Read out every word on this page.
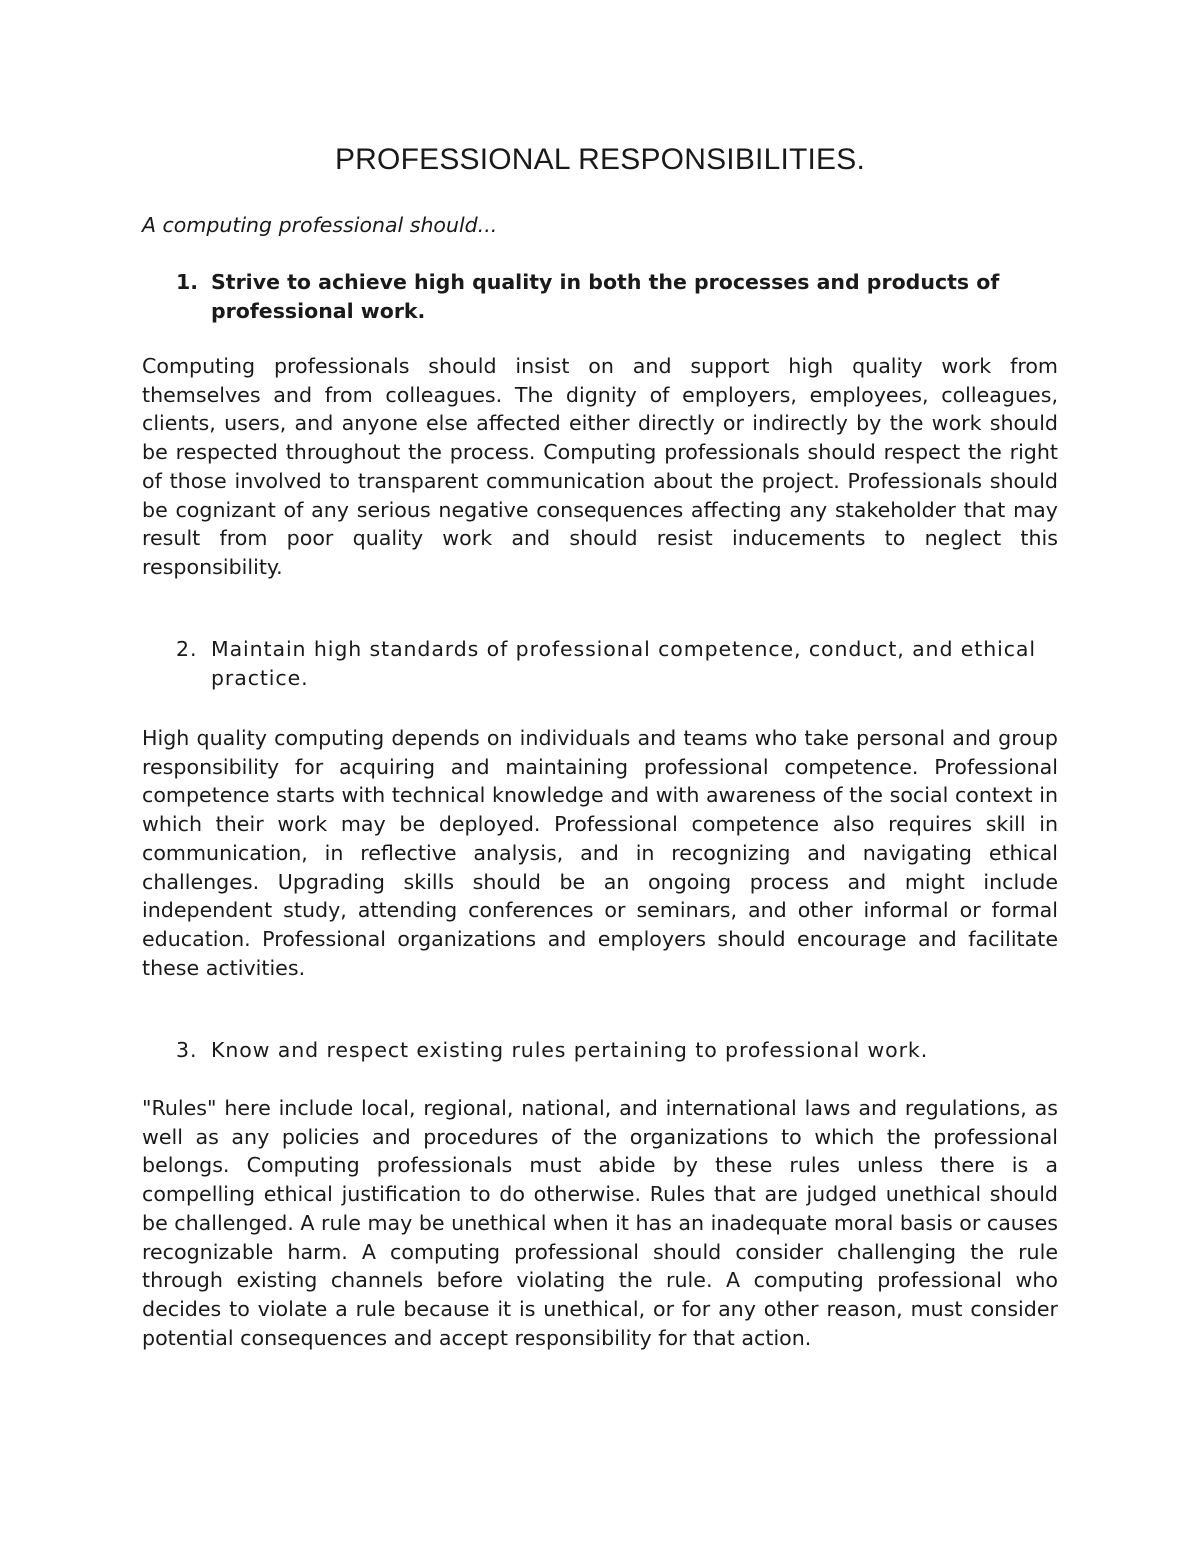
PROFESSIONAL RESPONSIBILITIES.

A computing professional should...

1. Strive to achieve high quality in both the processes and products of professional work.

Computing professionals should insist on and support high quality work from themselves and from colleagues. The dignity of employers, employees, colleagues, clients, users, and anyone else affected either directly or indirectly by the work should be respected throughout the process. Computing professionals should respect the right of those involved to transparent communication about the project. Professionals should be cognizant of any serious negative consequences affecting any stakeholder that may result from poor quality work and should resist inducements to neglect this responsibility.

2. Maintain high standards of professional competence, conduct, and ethical practice.

High quality computing depends on individuals and teams who take personal and group responsibility for acquiring and maintaining professional competence. Professional competence starts with technical knowledge and with awareness of the social context in which their work may be deployed. Professional competence also requires skill in communication, in reflective analysis, and in recognizing and navigating ethical challenges. Upgrading skills should be an ongoing process and might include independent study, attending conferences or seminars, and other informal or formal education. Professional organizations and employers should encourage and facilitate these activities.

3. Know and respect existing rules pertaining to professional work.

"Rules" here include local, regional, national, and international laws and regulations, as well as any policies and procedures of the organizations to which the professional belongs. Computing professionals must abide by these rules unless there is a compelling ethical justification to do otherwise. Rules that are judged unethical should be challenged. A rule may be unethical when it has an inadequate moral basis or causes recognizable harm. A computing professional should consider challenging the rule through existing channels before violating the rule. A computing professional who decides to violate a rule because it is unethical, or for any other reason, must consider potential consequences and accept responsibility for that action.
